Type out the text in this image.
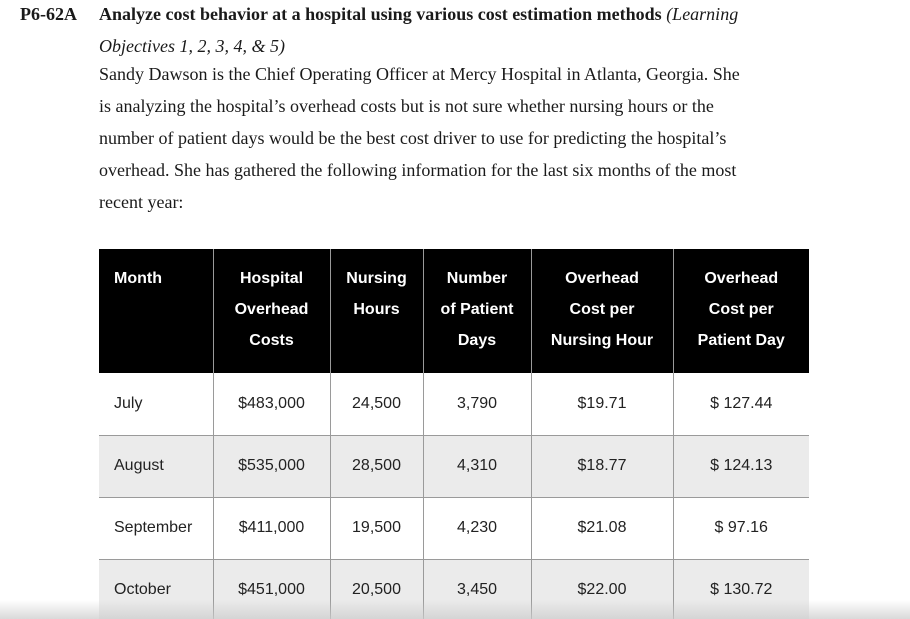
P6-62A Analyze cost behavior at a hospital using various cost estimation methods (Learning
Objectives 1, 2, 3, 4, & 5)
Sandy Dawson is the Chief Operating Officer at Mercy Hospital in Atlanta, Georgia. She
is analyzing the hospital’s overhead costs but is not sure whether nursing hours or the
number of patient days would be the best cost driver to use for predicting the hospital’s
overhead. She has gathered the following information for the last six months of the most
recent year:
Month	Hospital
Overhead
Costs	Nursing
Hours	Number
of Patient
Days	Overhead
Cost per
Nursing Hour	Overhead
Cost per
Patient Day
July	$483,000	24,500	3,790	$19.71	$ 127.44
August	$535,000	28,500	4,310	$18.77	$ 124.13
September	$411,000	19,500	4,230	$21.08	$ 97.16
October	$451,000	20,500	3,450	$22.00	$ 130.72
